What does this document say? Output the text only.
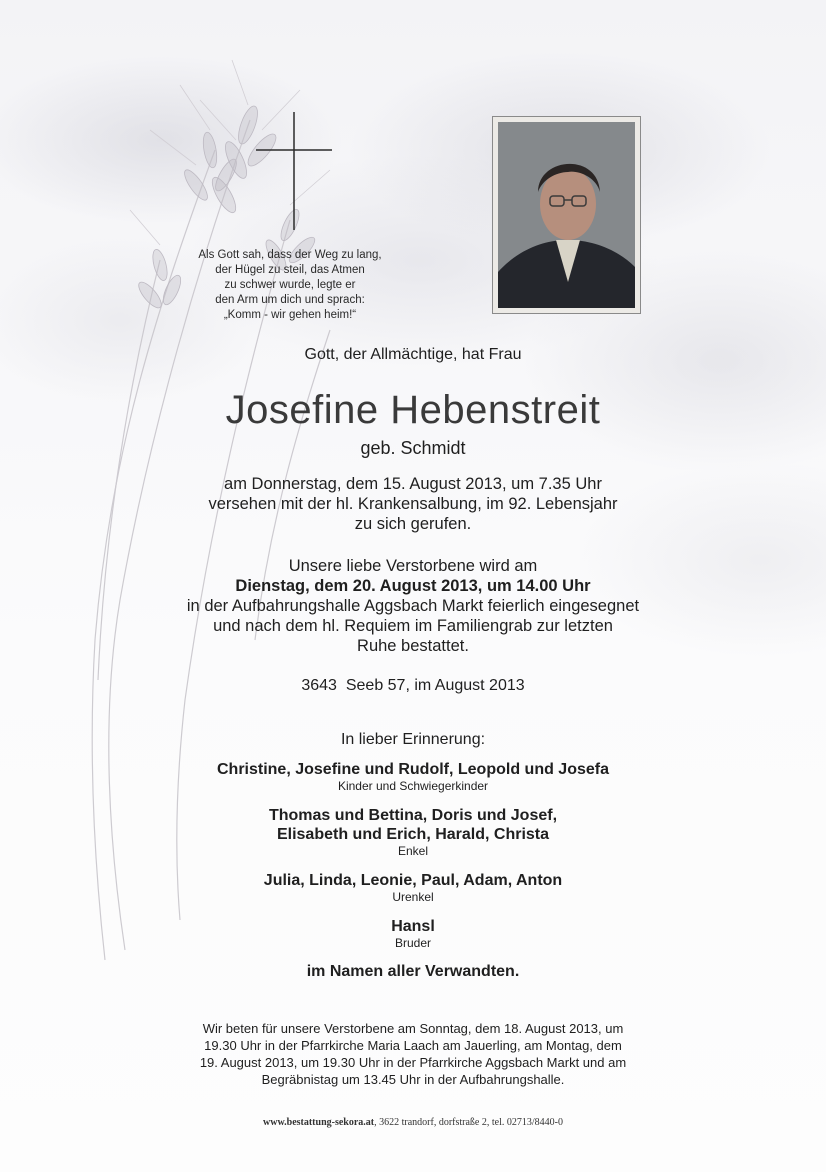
Als Gott sah, dass der Weg zu lang,
der Hügel zu steil, das Atmen
zu schwer wurde, legte er
den Arm um dich und sprach:
„Komm - wir gehen heim!“
Gott, der Allmächtige, hat Frau
Josefine Hebenstreit
geb. Schmidt
am Donnerstag, dem 15. August 2013, um 7.35 Uhr
versehen mit der hl. Krankensalbung, im 92. Lebensjahr
zu sich gerufen.
Unsere liebe Verstorbene wird am
Dienstag, dem 20. August 2013, um 14.00 Uhr
in der Aufbahrungshalle Aggsbach Markt feierlich eingesegnet
und nach dem hl. Requiem im Familiengrab zur letzten
Ruhe bestattet.
3643  Seeb 57, im August 2013
In lieber Erinnerung:
Christine, Josefine und Rudolf, Leopold und Josefa
Kinder und Schwiegerkinder
Thomas und Bettina, Doris und Josef,
Elisabeth und Erich, Harald, Christa
Enkel
Julia, Linda, Leonie, Paul, Adam, Anton
Urenkel
Hansl
Bruder
im Namen aller Verwandten.
Wir beten für unsere Verstorbene am Sonntag, dem 18. August 2013, um
19.30 Uhr in der Pfarrkirche Maria Laach am Jauerling, am Montag, dem
19. August 2013, um 19.30 Uhr in der Pfarrkirche Aggsbach Markt und am
Begräbnistag um 13.45 Uhr in der Aufbahrungshalle.
www.bestattung-sekora.at, 3622 trandorf, dorfstraße 2, tel. 02713/8440-0
